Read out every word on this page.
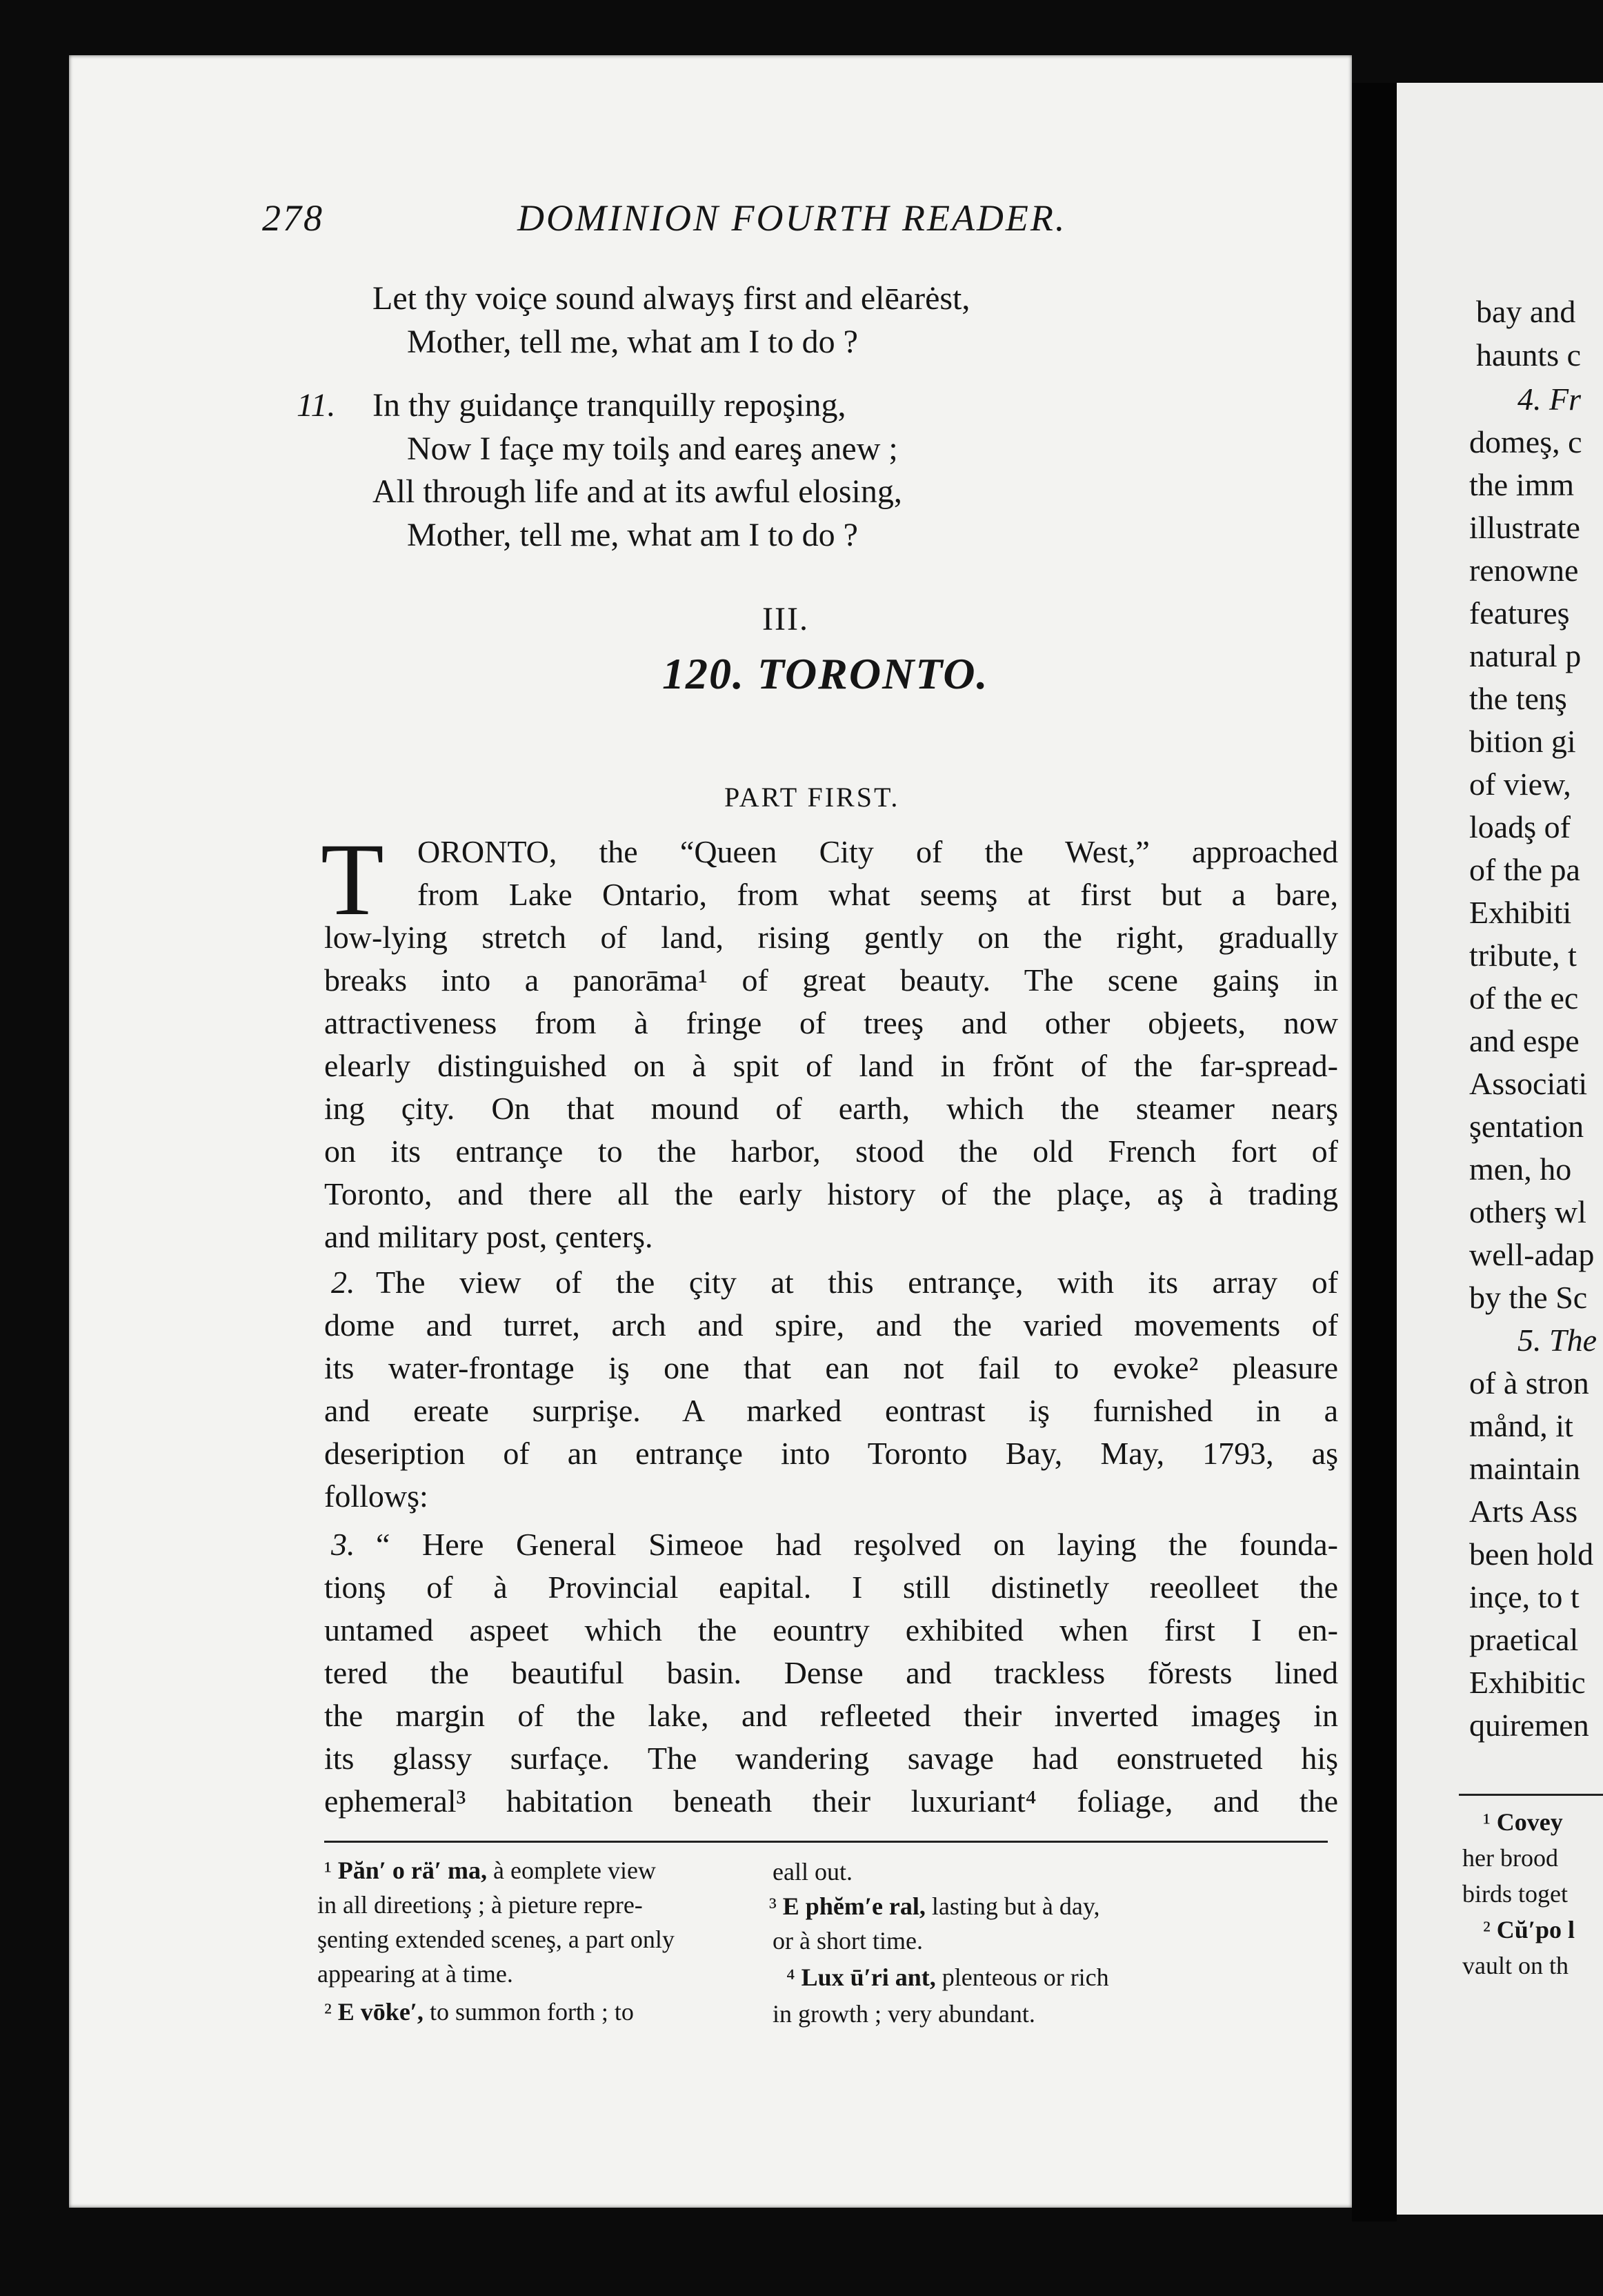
278	DOMINION FOURTH READER.
Let thy voiçe sound alwayş first and elēarėst,
Mother, tell me, what am I to do ?
11. In thy guidançe tranquilly repoşing,
Now I façe my toilş and eareş anew ;
All through life and at its awful elosing,
Mother, tell me, what am I to do ?
III.
120. TORONTO.
PART FIRST.
T ORONTO, the “Queen City of the West,” approached
from Lake Ontario, from what seemş at first but a bare,
low-lying stretch of land, rising gently on the right, gradually
breaks into a panorāma¹ of great beauty. The scene gainş in
attractiveness from à fringe of treeş and other objeets, now
elearly distinguished on à spit of land in frŏnt of the far-spread-
ing çity. On that mound of earth, which the steamer nearş
on its entrançe to the harbor, stood the old French fort of
Toronto, and there all the early history of the plaçe, aş à trading
and military post, çenterş.
2. The view of the çity at this entrançe, with its array of
dome and turret, arch and spire, and the varied movements of
its water-frontage iş one that ean not fail to evoke² pleasure
and ereate surprişe. A marked eontrast iş furnished in a
deseription of an entrançe into Toronto Bay, May, 1793, aş
followş:
3. “ Here General Simeoe had reşolved on laying the founda-
tionş of à Provincial eapital. I still distinetly reeolleet the
untamed aspeet which the eountry exhibited when first I en-
tered the beautiful basin. Dense and trackless fŏrests lined
the margin of the lake, and refleeted their inverted imageş in
its glassy surfaçe. The wandering savage had eonstrueted hiş
ephemeral³ habitation beneath their luxuriant⁴ foliage, and the
¹ Păn′ o rä′ ma, à eomplete view
in all direetionş ; à pieture repre-
şenting extended sceneş, a part only
appearing at à time.
² E vōke′, to summon forth ; to
eall out.
³ E phĕm′e ral, lasting but à day,
or à short time.
⁴ Lux ū′ri ant, plenteous or rich
in growth ; very abundant.
bay and
haunts c
4. Fr
domeş, c
the imm
illustrate
renowne
featureş
natural p
the tenş
bition gi
of view,
loadş of
of the pa
Exhibiti
tribute, t
of the ec
and espe
Associati
şentation
men, ho
otherş wl
well-adap
by the Sc
5. The
of à stron
månd, it
maintain
Arts Ass
been hold
inçe, to t
praetical
Exhibitic
quiremen
¹ Covey
her brood
birds toget
² Cŭ′po l
vault on th
